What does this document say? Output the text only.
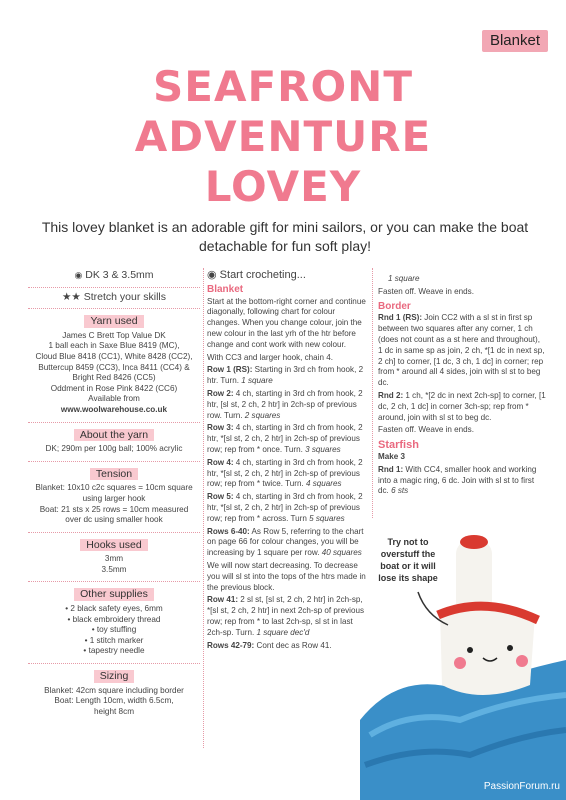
Blanket
SEAFRONT
ADVENTURE
LOVEY
This lovey blanket is an adorable gift for mini sailors, or you can make the boat detachable for fun soft play!
◉ DK 3 & 3.5mm
★★ Stretch your skills
Yarn used

James C Brett Top Value DK

1 ball each in Saxe Blue 8419 (MC),

Cloud Blue 8418 (CC1), White 8428 (CC2),

Buttercup 8459 (CC3), Inca 8411 (CC4) &

Bright Red 8426 (CC5)

Oddment in Rose Pink 8422 (CC6)

Available from

www.woolwarehouse.co.uk

About the yarn

DK; 290m per 100g ball; 100% acrylic

Tension

Blanket: 10x10 c2c squares = 10cm square

using larger hook

Boat: 21 sts x 25 rows = 10cm measured

over dc using smaller hook

Hooks used

3mm

3.5mm

Other supplies

• 2 black safety eyes, 6mm

• black embroidery thread

• toy stuffing

• 1 stitch marker

• tapestry needle

Sizing

Blanket: 42cm square including border

Boat: Length 10cm, width 6.5cm,

height 8cm

◉ Start crocheting...
Blanket

Start at the bottom-right corner and continue diagonally, following chart for colour changes. When you change colour, join the new colour in the last yrh of the htr before change and cont work with new colour.

With CC3 and larger hook, chain 4.

Row 1 (RS): Starting in 3rd ch from hook, 2 htr. Turn. 1 square

Row 2: 4 ch, starting in 3rd ch from hook, 2 htr, [sl st, 2 ch, 2 htr] in 2ch-sp of previous row. Turn. 2 squares

Row 3: 4 ch, starting in 3rd ch from hook, 2 htr, *[sl st, 2 ch, 2 htr] in 2ch-sp of previous row; rep from * once. Turn. 3 squares

Row 4: 4 ch, starting in 3rd ch from hook, 2 htr, *[sl st, 2 ch, 2 htr] in 2ch-sp of previous row; rep from * twice. Turn. 4 squares

Row 5: 4 ch, starting in 3rd ch from hook, 2 htr, *[sl st, 2 ch, 2 htr] in 2ch-sp of previous row; rep from * across. Turn 5 squares

Rows 6-40: As Row 5, referring to the chart on page 66 for colour changes, you will be increasing by 1 square per row. 40 squares

We will now start decreasing. To decrease you will sl st into the tops of the htrs made in the previous block.

Row 41: 2 sl st, [sl st, 2 ch, 2 htr] in 2ch-sp, *[sl st, 2 ch, 2 htr] in next 2ch-sp of previous row; rep from * to last 2ch-sp, sl st in last 2ch-sp. Turn. 1 square dec'd

Rows 42-79: Cont dec as Row 41.

1 square

Fasten off. Weave in ends.

Border

Rnd 1 (RS): Join CC2 with a sl st in first sp between two squares after any corner, 1 ch (does not count as a st here and throughout), 1 dc in same sp as join, 2 ch, *[1 dc in next sp, 2 ch] to corner, [1 dc, 3 ch, 1 dc] in corner; rep from * around all 4 sides, join with sl st to beg dc.

Rnd 2: 1 ch, *[2 dc in next 2ch-sp] to corner, [1 dc, 2 ch, 1 dc] in corner 3ch-sp; rep from * around, join with sl st to beg dc.

Fasten off. Weave in ends.

Starfish

Make 3

Rnd 1: With CC4, smaller hook and working into a magic ring, 6 dc. Join with sl st to first dc. 6 sts

Try not to overstuff the boat or it will lose its shape
PassionForum.ru
